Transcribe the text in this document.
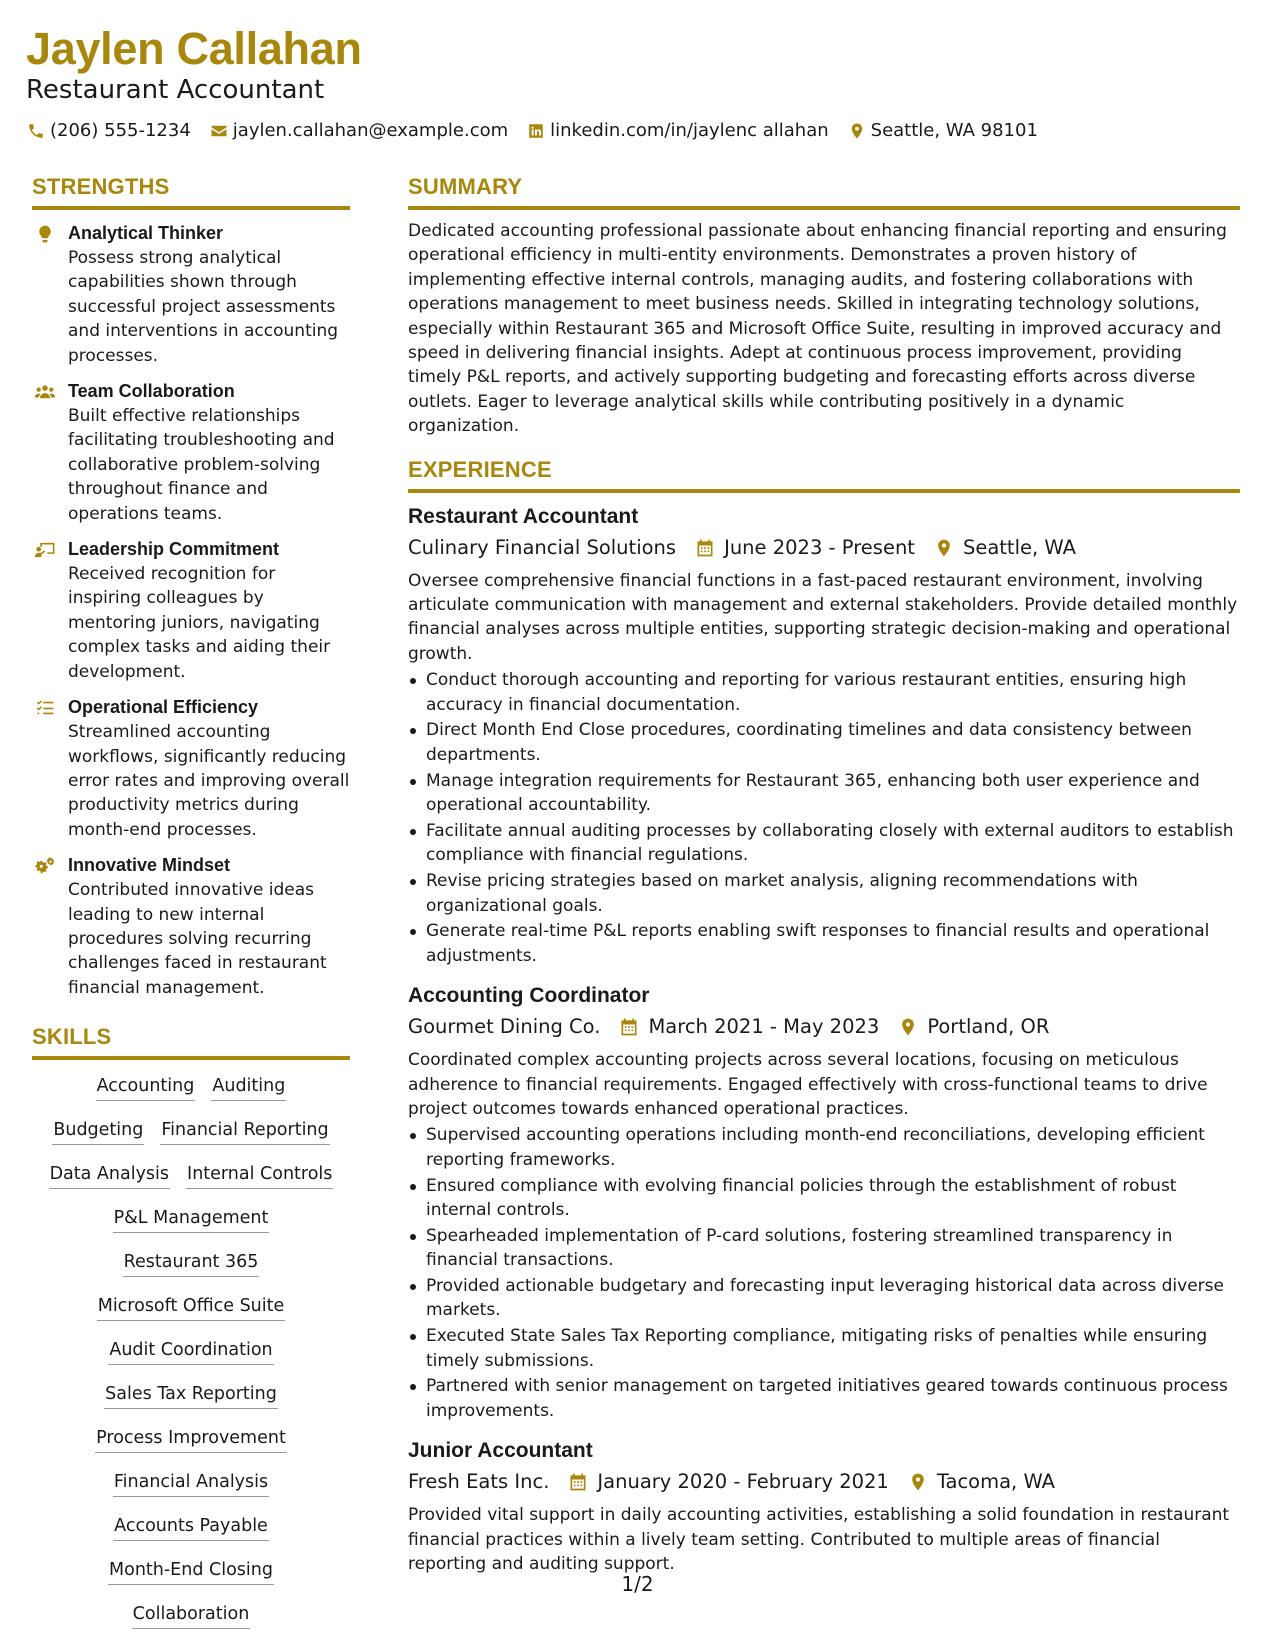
Jaylen Callahan
Restaurant Accountant
(206) 555-1234 jaylen.callahan@example.com linkedin.com/in/jaylenc allahan Seattle, WA 98101
STRENGTHS
Analytical Thinker
Possess strong analytical capabilities shown through successful project assessments and interventions in accounting processes.
Team Collaboration
Built effective relationships facilitating troubleshooting and collaborative problem-solving throughout finance and operations teams.
Leadership Commitment
Received recognition for inspiring colleagues by mentoring juniors, navigating complex tasks and aiding their development.
Operational Efficiency
Streamlined accounting workflows, significantly reducing error rates and improving overall productivity metrics during month-end processes.
Innovative Mindset
Contributed innovative ideas leading to new internal procedures solving recurring challenges faced in restaurant financial management.
SKILLS
Accounting Auditing
Budgeting Financial Reporting
Data Analysis Internal Controls
P&L Management
Restaurant 365
Microsoft Office Suite
Audit Coordination
Sales Tax Reporting
Process Improvement
Financial Analysis
Accounts Payable
Month-End Closing
Collaboration
SUMMARY
Dedicated accounting professional passionate about enhancing financial reporting and ensuring operational efficiency in multi-entity environments. Demonstrates a proven history of implementing effective internal controls, managing audits, and fostering collaborations with operations management to meet business needs. Skilled in integrating technology solutions, especially within Restaurant 365 and Microsoft Office Suite, resulting in improved accuracy and speed in delivering financial insights. Adept at continuous process improvement, providing timely P&L reports, and actively supporting budgeting and forecasting efforts across diverse outlets. Eager to leverage analytical skills while contributing positively in a dynamic organization.
EXPERIENCE
Restaurant Accountant
Culinary Financial Solutions June 2023 - Present Seattle, WA
Oversee comprehensive financial functions in a fast-paced restaurant environment, involving articulate communication with management and external stakeholders. Provide detailed monthly financial analyses across multiple entities, supporting strategic decision-making and operational growth.
Conduct thorough accounting and reporting for various restaurant entities, ensuring high accuracy in financial documentation.
Direct Month End Close procedures, coordinating timelines and data consistency between departments.
Manage integration requirements for Restaurant 365, enhancing both user experience and operational accountability.
Facilitate annual auditing processes by collaborating closely with external auditors to establish compliance with financial regulations.
Revise pricing strategies based on market analysis, aligning recommendations with organizational goals.
Generate real-time P&L reports enabling swift responses to financial results and operational adjustments.
Accounting Coordinator
Gourmet Dining Co. March 2021 - May 2023 Portland, OR
Coordinated complex accounting projects across several locations, focusing on meticulous adherence to financial requirements. Engaged effectively with cross-functional teams to drive project outcomes towards enhanced operational practices.
Supervised accounting operations including month-end reconciliations, developing efficient reporting frameworks.
Ensured compliance with evolving financial policies through the establishment of robust internal controls.
Spearheaded implementation of P-card solutions, fostering streamlined transparency in financial transactions.
Provided actionable budgetary and forecasting input leveraging historical data across diverse markets.
Executed State Sales Tax Reporting compliance, mitigating risks of penalties while ensuring timely submissions.
Partnered with senior management on targeted initiatives geared towards continuous process improvements.
Junior Accountant
Fresh Eats Inc. January 2020 - February 2021 Tacoma, WA
Provided vital support in daily accounting activities, establishing a solid foundation in restaurant financial practices within a lively team setting. Contributed to multiple areas of financial reporting and auditing support.
1/2
